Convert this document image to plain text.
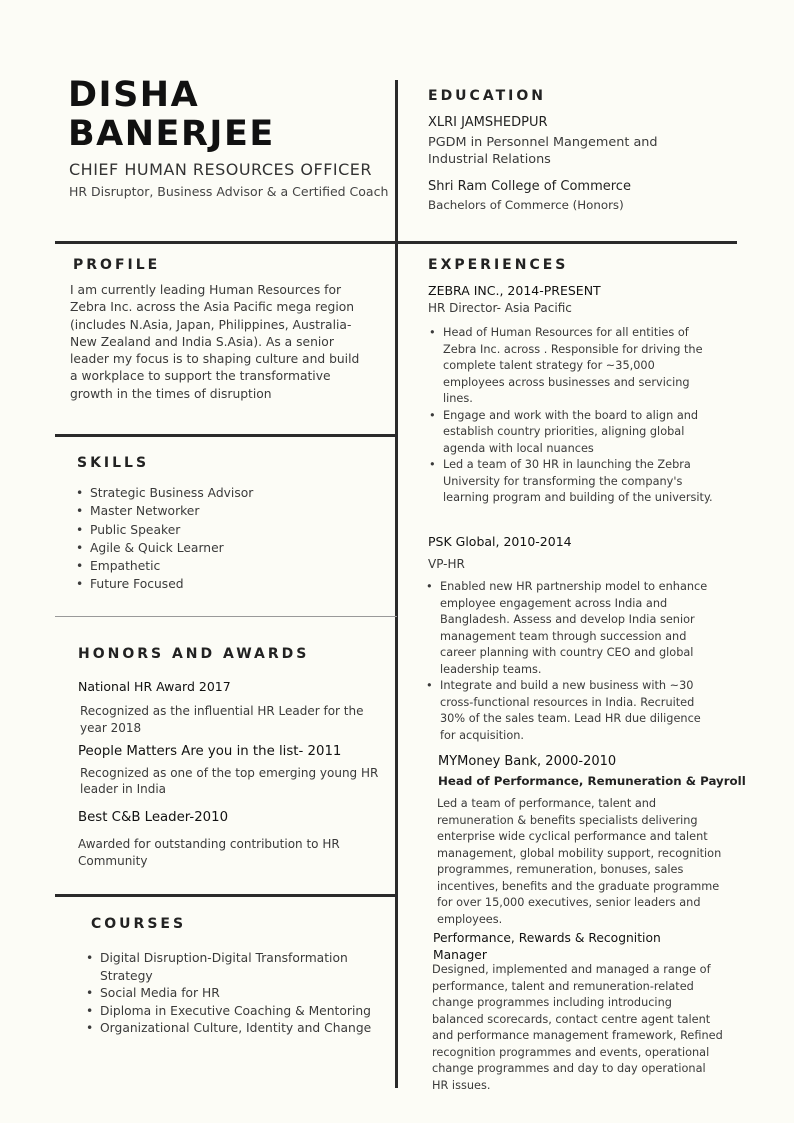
DISHA
BANERJEE
CHIEF HUMAN RESOURCES OFFICER
HR Disruptor, Business Advisor & a Certified Coach
EDUCATION
XLRI JAMSHEDPUR
PGDM in Personnel Mangement and Industrial Relations
Shri Ram College of Commerce
Bachelors of Commerce (Honors)
PROFILE
I am currently leading Human Resources for Zebra Inc. across the Asia Pacific mega region (includes N.Asia, Japan, Philippines, Australia-New Zealand and India S.Asia). As a senior leader my focus is to shaping culture and build a workplace to support the transformative growth in the times of disruption
SKILLS
• Strategic Business Advisor
• Master Networker
• Public Speaker
• Agile & Quick Learner
• Empathetic
• Future Focused
HONORS AND AWARDS
National HR Award 2017
Recognized as the influential HR Leader for the year 2018
People Matters Are you in the list- 2011
Recognized as one of the top emerging young HR leader in India
Best C&B Leader-2010
Awarded for outstanding contribution to HR Community
COURSES
• Digital Disruption-Digital Transformation Strategy
• Social Media for HR
• Diploma in Executive Coaching & Mentoring
• Organizational Culture, Identity and Change
EXPERIENCES
ZEBRA INC., 2014-PRESENT
HR Director- Asia Pacific
• Head of Human Resources for all entities of Zebra Inc. across . Responsible for driving the complete talent strategy for ~35,000 employees across businesses and servicing lines.
• Engage and work with the board to align and establish country priorities, aligning global agenda with local nuances
• Led a team of 30 HR in launching the Zebra University for transforming the company's learning program and building of the university.
PSK Global, 2010-2014
VP-HR
• Enabled new HR partnership model to enhance employee engagement across India and Bangladesh. Assess and develop India senior management team through succession and career planning with country CEO and global leadership teams.
• Integrate and build a new business with ~30 cross-functional resources in India. Recruited 30% of the sales team. Lead HR due diligence for acquisition.
MYMoney Bank, 2000-2010
Head of Performance, Remuneration & Payroll
Led a team of performance, talent and remuneration & benefits specialists delivering enterprise wide cyclical performance and talent management, global mobility support, recognition programmes, remuneration, bonuses, sales incentives, benefits and the graduate programme for over 15,000 executives, senior leaders and employees.
Performance, Rewards & Recognition Manager
Designed, implemented and managed a range of performance, talent and remuneration-related change programmes including introducing balanced scorecards, contact centre agent talent and performance management framework, Refined recognition programmes and events, operational change programmes and day to day operational HR issues.
